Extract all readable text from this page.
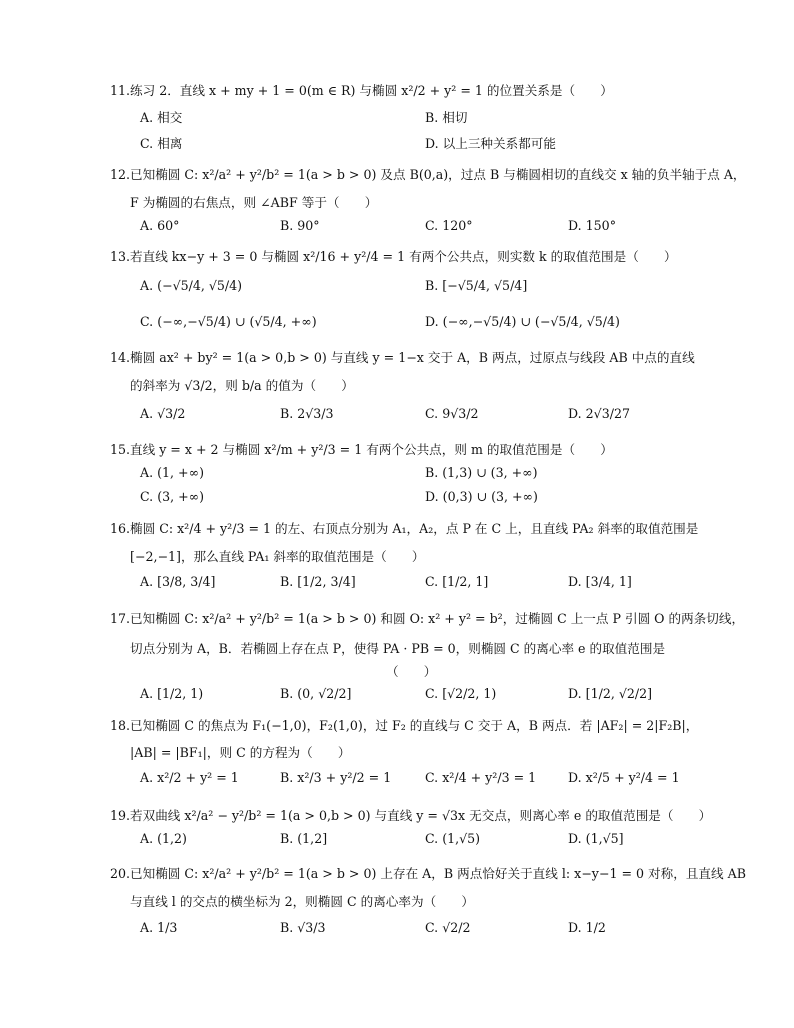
11.练习 2．直线 x + my + 1 = 0(m ∈ R) 与椭圆 x²/2 + y² = 1 的位置关系是（　　）
A. 相交	B. 相切
C. 相离	D. 以上三种关系都可能
12.已知椭圆 C: x²/a² + y²/b² = 1(a > b > 0) 及点 B(0,a)，过点 B 与椭圆相切的直线交 x 轴的负半轴于点 A，
F 为椭圆的右焦点，则 ∠ABF 等于（　　）
A. 60°	B. 90°	C. 120°	D. 150°
13.若直线 kx−y + 3 = 0 与椭圆 x²/16 + y²/4 = 1 有两个公共点，则实数 k 的取值范围是（　　）
A. (−√5/4, √5/4)	B. [−√5/4, √5/4]
C. (−∞,−√5/4) ∪ (√5/4, +∞)	D. (−∞,−√5/4) ∪ (−√5/4, √5/4)
14.椭圆 ax² + by² = 1(a > 0,b > 0) 与直线 y = 1−x 交于 A，B 两点，过原点与线段 AB 中点的直线
的斜率为 √3/2，则 b/a 的值为（　　）
A. √3/2	B. 2√3/3	C. 9√3/2	D. 2√3/27
15.直线 y = x + 2 与椭圆 x²/m + y²/3 = 1 有两个公共点，则 m 的取值范围是（　　）
A. (1, +∞)	B. (1,3) ∪ (3, +∞)
C. (3, +∞)	D. (0,3) ∪ (3, +∞)
16.椭圆 C: x²/4 + y²/3 = 1 的左、右顶点分别为 A₁，A₂，点 P 在 C 上，且直线 PA₂ 斜率的取值范围是
[−2,−1]，那么直线 PA₁ 斜率的取值范围是（　　）
A. [3/8, 3/4]	B. [1/2, 3/4]	C. [1/2, 1]	D. [3/4, 1]
17.已知椭圆 C: x²/a² + y²/b² = 1(a > b > 0) 和圆 O: x² + y² = b²，过椭圆 C 上一点 P 引圆 O 的两条切线，
切点分别为 A，B．若椭圆上存在点 P，使得 PA · PB = 0，则椭圆 C 的离心率 e 的取值范围是
（　　）
A. [1/2, 1)	B. (0, √2/2]	C. [√2/2, 1)	D. [1/2, √2/2]
18.已知椭圆 C 的焦点为 F₁(−1,0)，F₂(1,0)，过 F₂ 的直线与 C 交于 A，B 两点．若 |AF₂| = 2|F₂B|，
|AB| = |BF₁|，则 C 的方程为（　　）
A. x²/2 + y² = 1	B. x²/3 + y²/2 = 1	C. x²/4 + y²/3 = 1	D. x²/5 + y²/4 = 1
19.若双曲线 x²/a² − y²/b² = 1(a > 0,b > 0) 与直线 y = √3x 无交点，则离心率 e 的取值范围是（　　）
A. (1,2)	B. (1,2]	C. (1,√5)	D. (1,√5]
20.已知椭圆 C: x²/a² + y²/b² = 1(a > b > 0) 上存在 A，B 两点恰好关于直线 l: x−y−1 = 0 对称，且直线 AB
与直线 l 的交点的横坐标为 2，则椭圆 C 的离心率为（　　）
A. 1/3	B. √3/3	C. √2/2	D. 1/2
